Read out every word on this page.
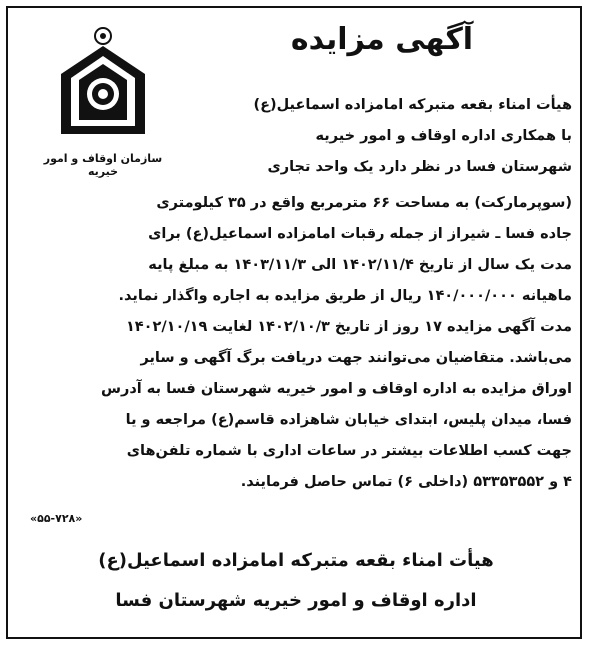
سازمان اوقاف و امور خیریه
آگهی مزایده
هیأت امناء بقعه متبرکه امامزاده اسماعیل(ع)
با همکاری اداره اوقاف و امور خیریه
شهرستان فسا در نظر دارد یک واحد تجاری
(سوپرمارکت) به مساحت ۶۶ مترمربع واقع در ۳۵ کیلومتری
جاده فسا ـ شیراز از جمله رقبات امامزاده اسماعیل(ع) برای
مدت یک سال از تاریخ ۱۴۰۲/۱۱/۴ الی ۱۴۰۳/۱۱/۳ به مبلغ پایه
ماهیانه ۱۴۰/۰۰۰/۰۰۰ ریال از طریق مزایده به اجاره واگذار نماید.
مدت آگهی مزایده ۱۷ روز از تاریخ ۱۴۰۲/۱۰/۳ لغایت ۱۴۰۲/۱۰/۱۹
می‌باشد. متقاضیان می‌توانند جهت دریافت برگ آگهی و سایر
اوراق مزایده به اداره اوقاف و امور خیریه شهرستان فسا به آدرس
فسا، میدان پلیس، ابتدای خیابان شاهزاده قاسم(ع) مراجعه و یا
جهت کسب اطلاعات بیشتر در ساعات اداری با شماره تلفن‌های
۴ و ۵۳۳۵۳۵۵۲ (داخلی ۶) تماس حاصل فرمایند.
«۵۵-۷۲۸»
هیأت امناء بقعه متبرکه امامزاده اسماعیل(ع)
اداره اوقاف و امور خیریه شهرستان فسا
